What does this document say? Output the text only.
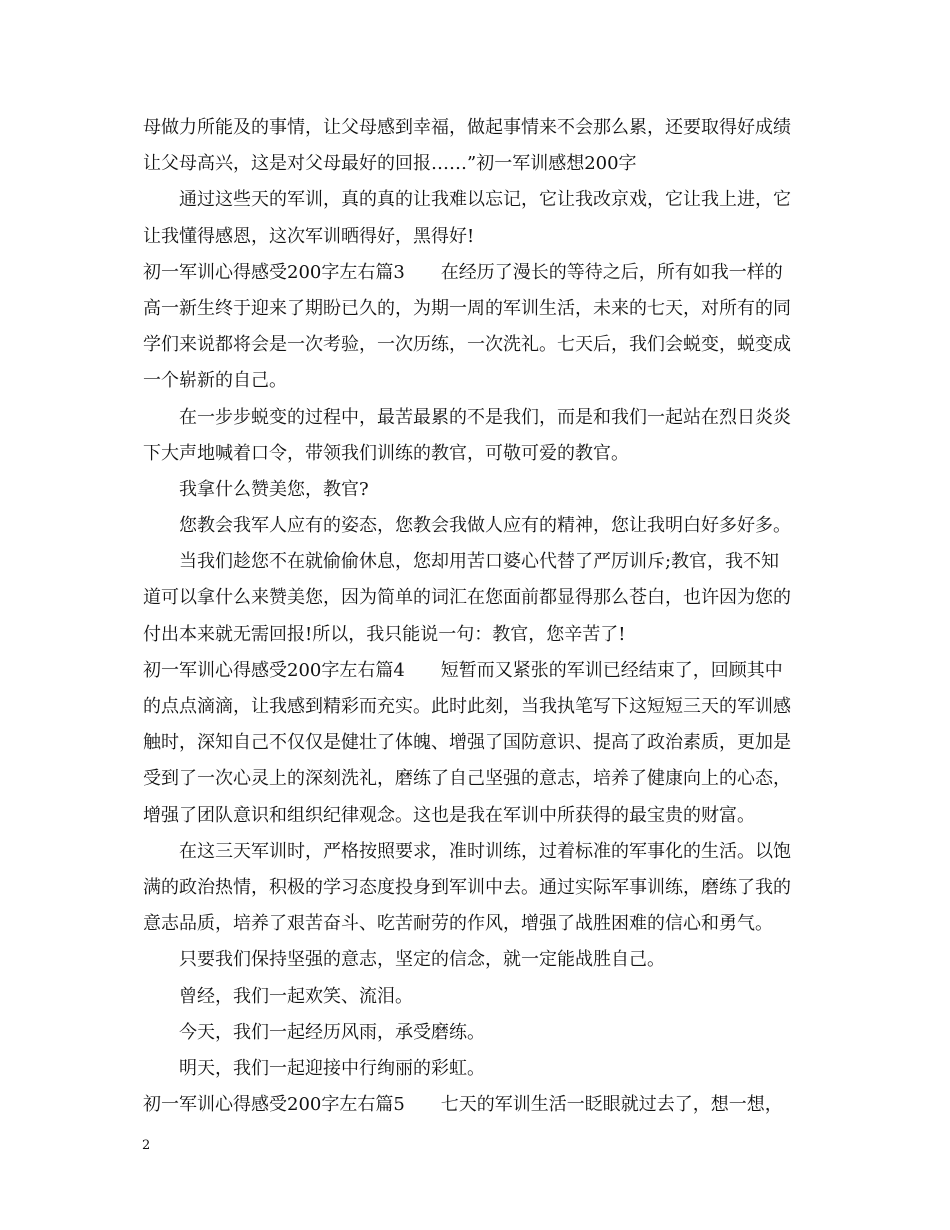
母做力所能及的事情，让父母感到幸福，做起事情来不会那么累，还要取得好成绩
让父母高兴，这是对父母最好的回报……”初一军训感想200字
通过这些天的军训，真的真的让我难以忘记，它让我改京戏，它让我上进，它
让我懂得感恩，这次军训晒得好，黑得好!
初一军训心得感受200字左右篇3　　在经历了漫长的等待之后，所有如我一样的
高一新生终于迎来了期盼已久的，为期一周的军训生活，未来的七天，对所有的同
学们来说都将会是一次考验，一次历练，一次洗礼。七天后，我们会蜕变，蜕变成
一个崭新的自己。
在一步步蜕变的过程中，最苦最累的不是我们，而是和我们一起站在烈日炎炎
下大声地喊着口令，带领我们训练的教官，可敬可爱的教官。
我拿什么赞美您，教官?
您教会我军人应有的姿态，您教会我做人应有的精神，您让我明白好多好多。
当我们趁您不在就偷偷休息，您却用苦口婆心代替了严厉训斥;教官，我不知
道可以拿什么来赞美您，因为简单的词汇在您面前都显得那么苍白，也许因为您的
付出本来就无需回报!所以，我只能说一句：教官，您辛苦了!
初一军训心得感受200字左右篇4　　短暂而又紧张的军训已经结束了，回顾其中
的点点滴滴，让我感到精彩而充实。此时此刻，当我执笔写下这短短三天的军训感
触时，深知自己不仅仅是健壮了体魄、增强了国防意识、提高了政治素质，更加是
受到了一次心灵上的深刻洗礼，磨练了自己坚强的意志，培养了健康向上的心态，
增强了团队意识和组织纪律观念。这也是我在军训中所获得的最宝贵的财富。
在这三天军训时，严格按照要求，准时训练，过着标准的军事化的生活。以饱
满的政治热情，积极的学习态度投身到军训中去。通过实际军事训练，磨练了我的
意志品质，培养了艰苦奋斗、吃苦耐劳的作风，增强了战胜困难的信心和勇气。
只要我们保持坚强的意志，坚定的信念，就一定能战胜自己。
曾经，我们一起欢笑、流泪。
今天，我们一起经历风雨，承受磨练。
明天，我们一起迎接中行绚丽的彩虹。
初一军训心得感受200字左右篇5　　七天的军训生活一眨眼就过去了，想一想，
2
